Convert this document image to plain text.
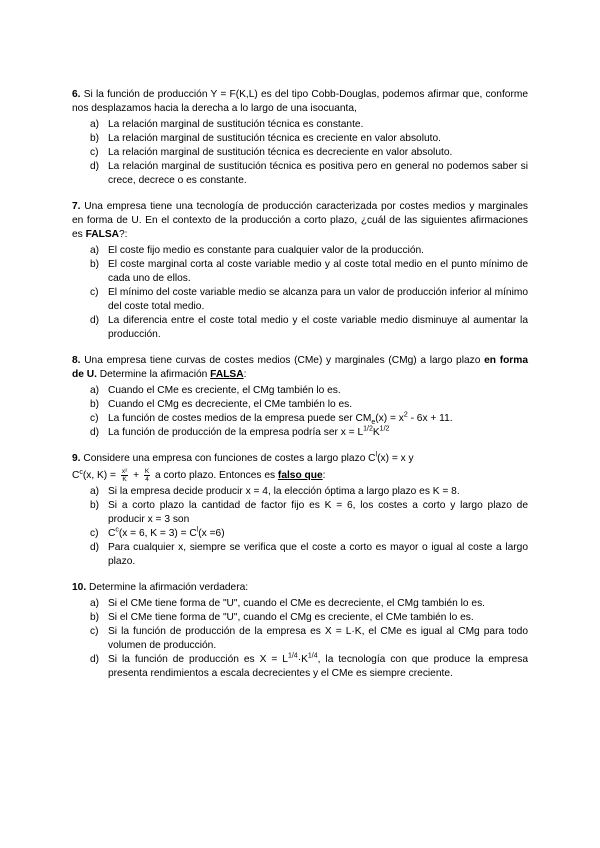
6. Si la función de producción Y = F(K,L) es del tipo Cobb-Douglas, podemos afirmar que, conforme nos desplazamos hacia la derecha a lo largo de una isocuanta,

a) La relación marginal de sustitución técnica es constante.
b) La relación marginal de sustitución técnica es creciente en valor absoluto.
c) La relación marginal de sustitución técnica es decreciente en valor absoluto.
d) La relación marginal de sustitución técnica es positiva pero en general no podemos saber si crece, decrece o es constante.

7. Una empresa tiene una tecnología de producción caracterizada por costes medios y marginales en forma de U. En el contexto de la producción a corto plazo, ¿cuál de las siguientes afirmaciones es FALSA?:

a) El coste fijo medio es constante para cualquier valor de la producción.
b) El coste marginal corta al coste variable medio y al coste total medio en el punto mínimo de cada uno de ellos.
c) El mínimo del coste variable medio se alcanza para un valor de producción inferior al mínimo del coste total medio.
d) La diferencia entre el coste total medio y el coste variable medio disminuye al aumentar la producción.

8. Una empresa tiene curvas de costes medios (CMe) y marginales (CMg) a largo plazo en forma de U. Determine la afirmación FALSA:

a) Cuando el CMe es creciente, el CMg también lo es.
b) Cuando el CMg es decreciente, el CMe también lo es.
c) La función de costes medios de la empresa puede ser $CM_e(x) = x^2 - 6x + 11$.
d) La función de producción de la empresa podría ser $x = L^{1/2}K^{1/2}$

9. Considere una empresa con funciones de costes a largo plazo $C^l(x) = x$ y

$C^c(x$, $K) = \frac{\text{x²}}{K} + \frac{K}{4}$ a corto plazo. Entonces es falso que:

a) Si la empresa decide producir x = 4, la elección óptima a largo plazo es K = 8.
b) Si a corto plazo la cantidad de factor fijo es K = 6, los costes a corto y largo plazo de producir x = 3 son
c) $C^c(x = 6$, $K = 3) = C^l(x =6)$
d) Para cualquier x, siempre se verifica que el coste a corto es mayor o igual al coste a largo plazo.

10. Determine la afirmación verdadera:

a) Si el CMe tiene forma de "U", cuando el CMe es decreciente, el CMg también lo es.
b) Si el CMe tiene forma de "U", cuando el CMg es creciente, el CMe también lo es.
c) Si la función de producción de la empresa es X = L·K, el CMe es igual al CMg para todo volumen de producción.
d) Si la función de producción es $X = L^{1/4}\cdot K^{1/4}$, la tecnología con que produce la empresa presenta rendimientos a escala decrecientes y el CMe es siempre creciente.
